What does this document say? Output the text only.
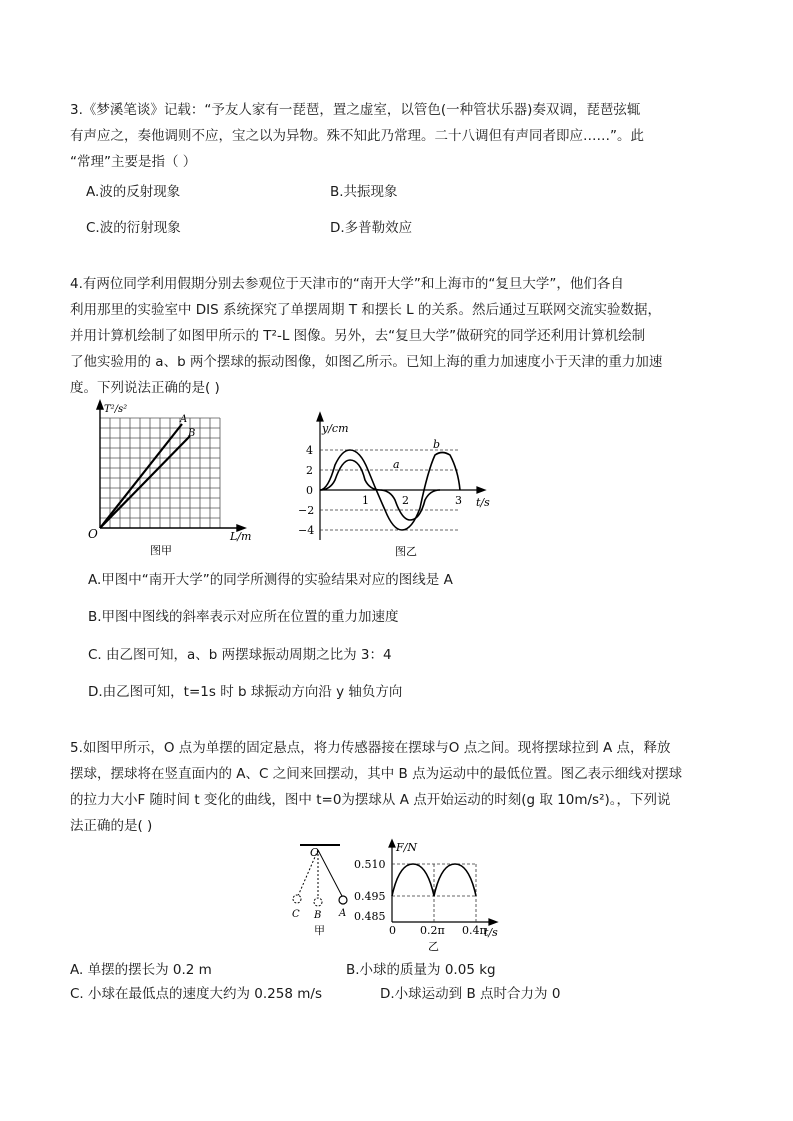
3.《梦溪笔谈》记载：“予友人家有一琵琶，置之虚室，以管色(一种管状乐器)奏双调，琵琶弦辄
有声应之，奏他调则不应，宝之以为异物。殊不知此乃常理。二十八调但有声同者即应……”。此
“常理”主要是指（ ）
A.波的反射现象	B.共振现象
C.波的衍射现象	D.多普勒效应
4.有两位同学利用假期分别去参观位于天津市的“南开大学”和上海市的“复旦大学”，他们各自
利用那里的实验室中 DIS 系统探究了单摆周期 T 和摆长 L 的关系。然后通过互联网交流实验数据，
并用计算机绘制了如图甲所示的 T²-L 图像。另外，去“复旦大学”做研究的同学还利用计算机绘制
了他实验用的 a、b 两个摆球的振动图像，如图乙所示。已知上海的重力加速度小于天津的重力加速
度。下列说法正确的是( )
T²/s²
L/m
O
A
B
图甲
y/cm
t/s
4
2
0
−2
−4
1	2	3
a
b
图乙
A.甲图中“南开大学”的同学所测得的实验结果对应的图线是 A
B.甲图中图线的斜率表示对应所在位置的重力加速度
C. 由乙图可知，a、b 两摆球振动周期之比为 3：4
D.由乙图可知，t=1s 时 b 球振动方向沿 y 轴负方向
5.如图甲所示，O 点为单摆的固定悬点，将力传感器接在摆球与O 点之间。现将摆球拉到 A 点，释放
摆球，摆球将在竖直面内的 A、C 之间来回摆动，其中 B 点为运动中的最低位置。图乙表示细线对摆球
的拉力大小F 随时间 t 变化的曲线，图中 t=0为摆球从 A 点开始运动的时刻(g 取 10m/s²)。，下列说
法正确的是( )
O
C B A
甲
F/N
t/s
0.510
0.495
0.485
0 0.2π 0.4π
乙
A. 单摆的摆长为 0.2 m	B.小球的质量为 0.05 kg
C. 小球在最低点的速度大约为 0.258 m/s	D.小球运动到 B 点时合力为 0
